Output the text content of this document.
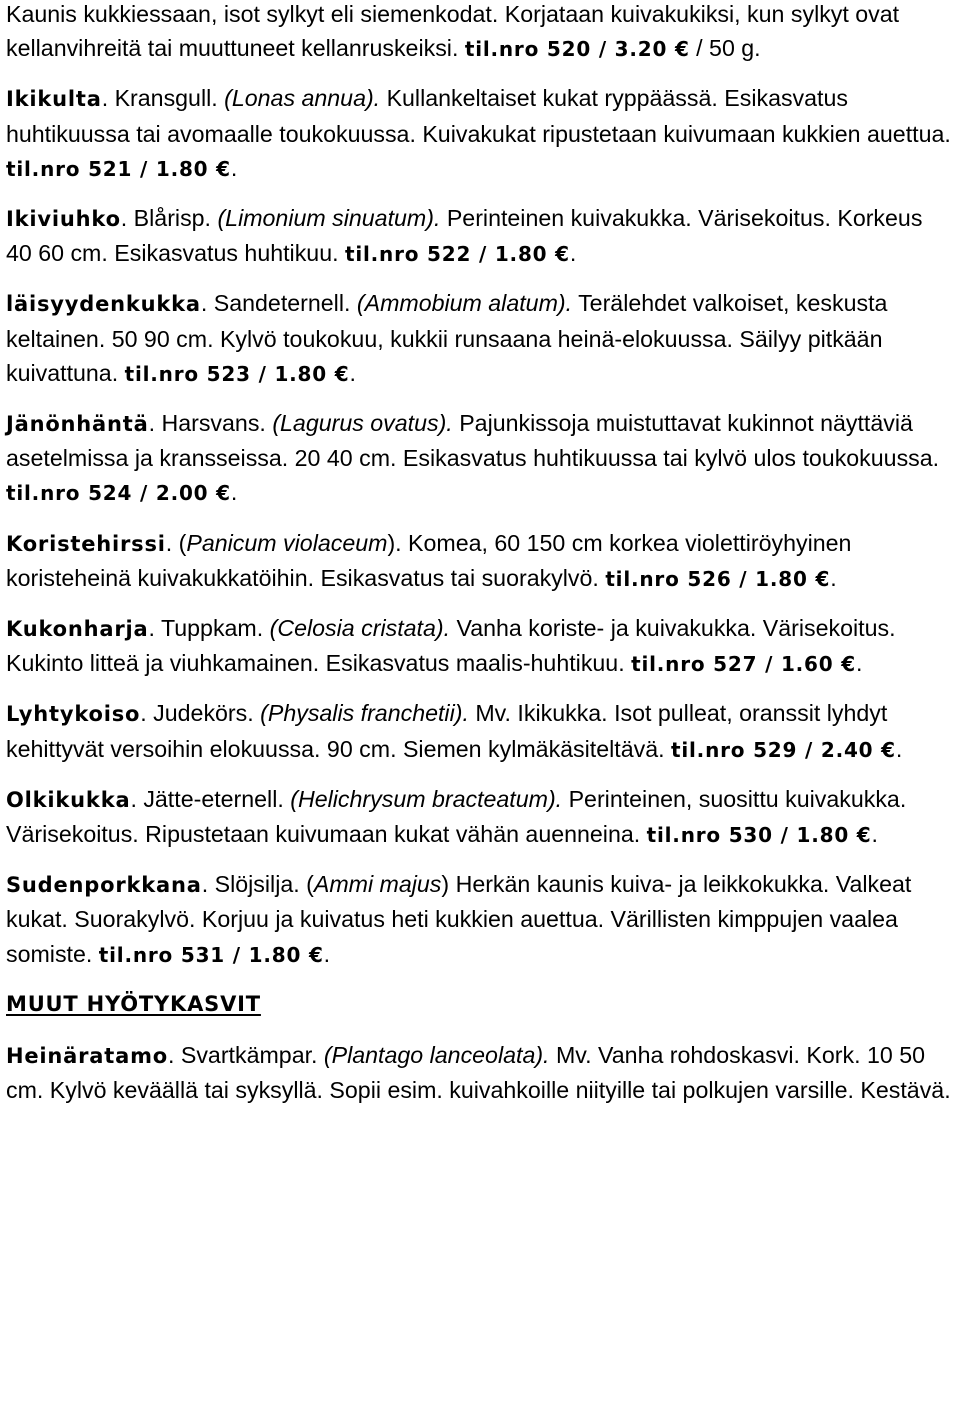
Kaunis kukkiessaan, isot sylkyt eli siemenkodat. Korjataan kuivakukiksi, kun sylkyt ovat kellanvihreitä tai muuttuneet kellanruskeiksi. til.nro 520 / 3.20 € / 50 g.

Ikikulta. Kransgull. (Lonas annua). Kullankeltaiset kukat ryppäässä. Esikasvatus huhtikuussa tai avomaalle toukokuussa. Kuivakukat ripustetaan kuivumaan kukkien auettua. til.nro 521 / 1.80 €.

Ikiviuhko. Blårisp. (Limonium sinuatum). Perinteinen kuivakukka. Värisekoitus. Korkeus 40 60 cm. Esikasvatus huhtikuu. til.nro 522 / 1.80 €.

läisyydenkukka. Sandeternell. (Ammobium alatum). Terälehdet valkoiset, keskusta keltainen. 50 90 cm. Kylvö toukokuu, kukkii runsaana heinä-elokuussa. Säilyy pitkään kuivattuna. til.nro 523 / 1.80 €.

Jänönhäntä. Harsvans. (Lagurus ovatus). Pajunkissoja muistuttavat kukinnot näyttäviä asetelmissa ja kransseissa. 20 40 cm. Esikasvatus huhtikuussa tai kylvö ulos toukokuussa. til.nro 524 / 2.00 €.

Koristehirssi. (Panicum violaceum). Komea, 60 150 cm korkea violettiröyhyinen koristeheinä kuivakukkatöihin. Esikasvatus tai suorakylvö. til.nro 526 / 1.80 €.

Kukonharja. Tuppkam. (Celosia cristata). Vanha koriste- ja kuivakukka. Värisekoitus. Kukinto litteä ja viuhkamainen. Esikasvatus maalis-huhtikuu. til.nro 527 / 1.60 €.

Lyhtykoiso. Judekörs. (Physalis franchetii). Mv. Ikikukka. Isot pulleat, oranssit lyhdyt kehittyvät versoihin elokuussa. 90 cm. Siemen kylmäkäsiteltävä. til.nro 529 / 2.40 €.

Olkikukka. Jätte-eternell. (Helichrysum bracteatum). Perinteinen, suosittu kuivakukka. Värisekoitus. Ripustetaan kuivumaan kukat vähän auenneina. til.nro 530 / 1.80 €.

Sudenporkkana. Slöjsilja. (Ammi majus) Herkän kaunis kuiva- ja leikkokukka. Valkeat kukat. Suorakylvö. Korjuu ja kuivatus heti kukkien auettua. Värillisten kimppujen vaalea somiste. til.nro 531 / 1.80 €.

MUUT HYÖTYKASVIT

Heinäratamo. Svartkämpar. (Plantago lanceolata). Mv. Vanha rohdoskasvi. Kork. 10 50 cm. Kylvö keväällä tai syksyllä. Sopii esim. kuivahkoille niityille tai polkujen varsille. Kestävä.
